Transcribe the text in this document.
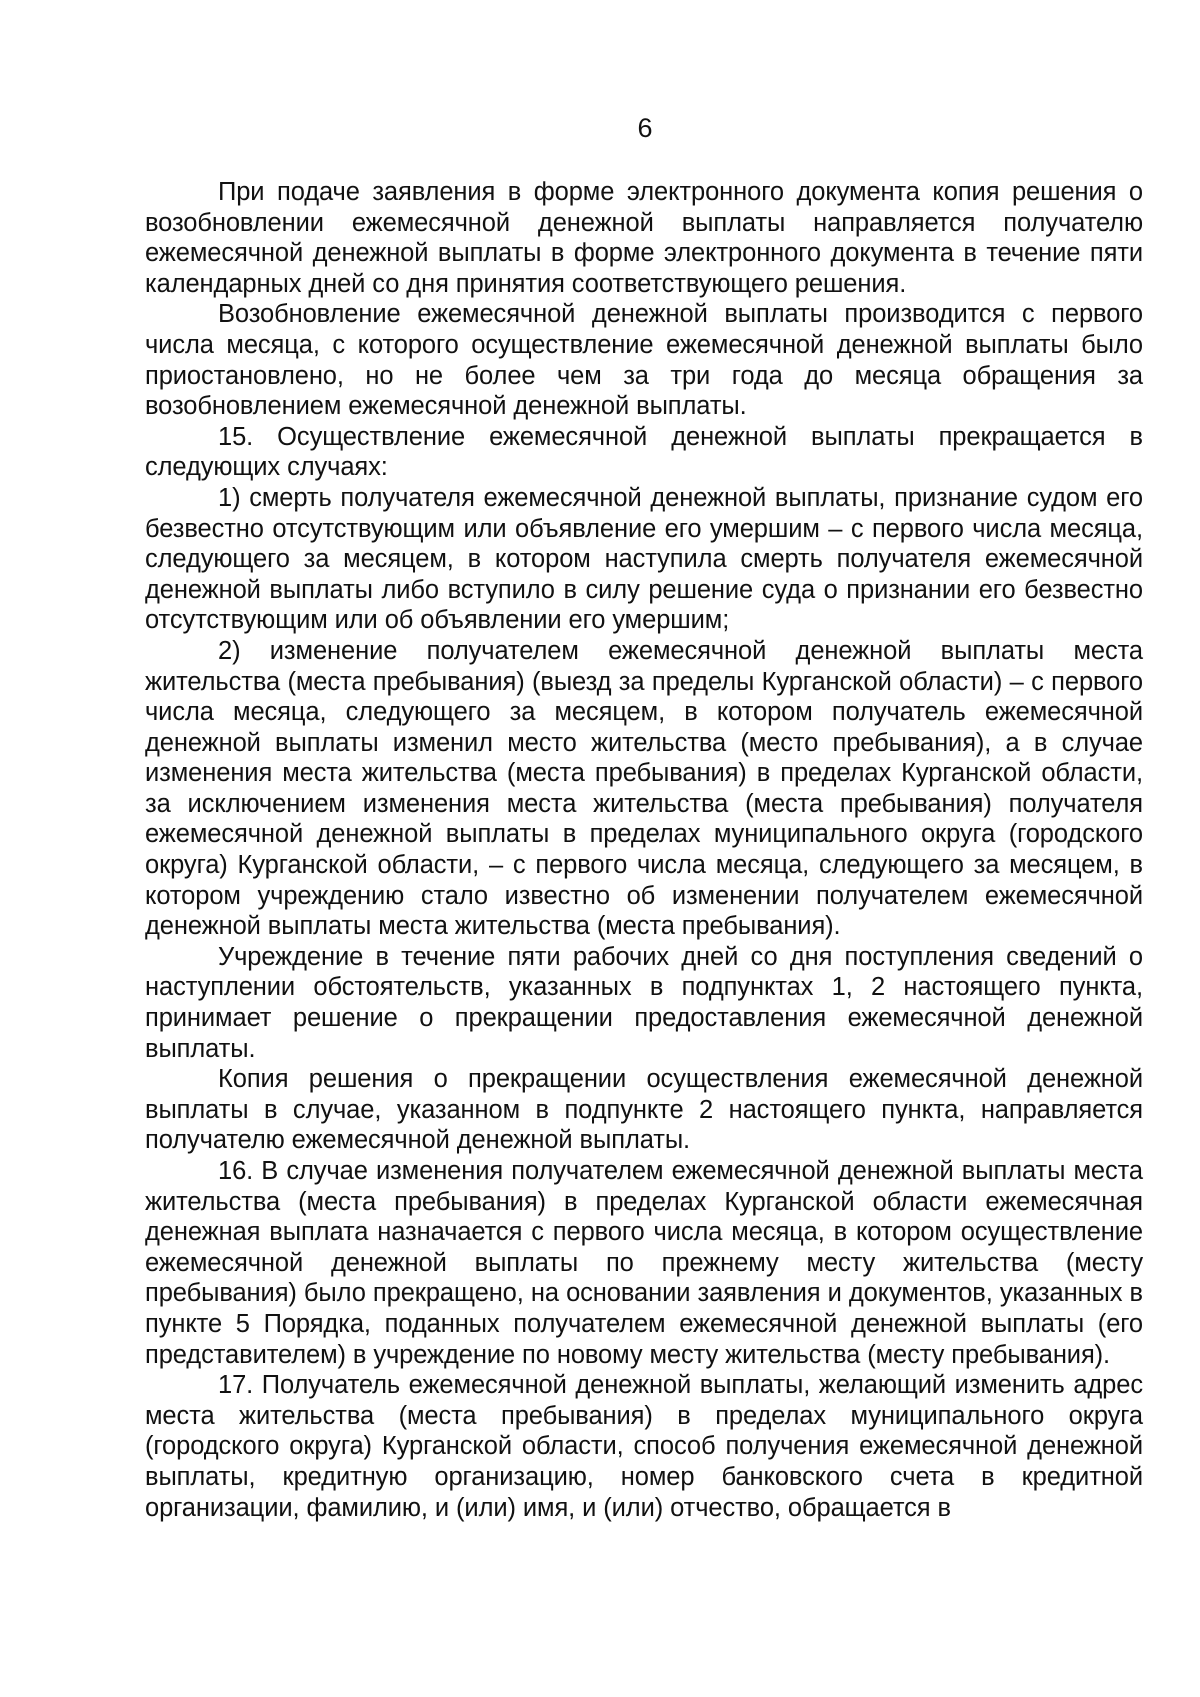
6

При подаче заявления в форме электронного документа копия решения о возобновлении ежемесячной денежной выплаты направляется получателю ежемесячной денежной выплаты в форме электронного документа в течение пяти календарных дней со дня принятия соответствующего решения.

Возобновление ежемесячной денежной выплаты производится с первого числа месяца, с которого осуществление ежемесячной денежной выплаты было приостановлено, но не более чем за три года до месяца обращения за возобновлением ежемесячной денежной выплаты.

15. Осуществление ежемесячной денежной выплаты прекращается в следующих случаях:

1) смерть получателя ежемесячной денежной выплаты, признание судом его безвестно отсутствующим или объявление его умершим – с первого числа месяца, следующего за месяцем, в котором наступила смерть получателя ежемесячной денежной выплаты либо вступило в силу решение суда о признании его безвестно отсутствующим или об объявлении его умершим;

2) изменение получателем ежемесячной денежной выплаты места жительства (места пребывания) (выезд за пределы Курганской области) – с первого числа месяца, следующего за месяцем, в котором получатель ежемесячной денежной выплаты изменил место жительства (место пребывания), а в случае изменения места жительства (места пребывания) в пределах Курганской области, за исключением изменения места жительства (места пребывания) получателя ежемесячной денежной выплаты в пределах муниципального округа (городского округа) Курганской области, – с первого числа месяца, следующего за месяцем, в котором учреждению стало известно об изменении получателем ежемесячной денежной выплаты места жительства (места пребывания).

Учреждение в течение пяти рабочих дней со дня поступления сведений о наступлении обстоятельств, указанных в подпунктах 1, 2 настоящего пункта, принимает решение о прекращении предоставления ежемесячной денежной выплаты.

Копия решения о прекращении осуществления ежемесячной денежной выплаты в случае, указанном в подпункте 2 настоящего пункта, направляется получателю ежемесячной денежной выплаты.

16. В случае изменения получателем ежемесячной денежной выплаты места жительства (места пребывания) в пределах Курганской области ежемесячная денежная выплата назначается с первого числа месяца, в котором осуществление ежемесячной денежной выплаты по прежнему месту жительства (месту пребывания) было прекращено, на основании заявления и документов, указанных в пункте 5 Порядка, поданных получателем ежемесячной денежной выплаты (его представителем) в учреждение по новому месту жительства (месту пребывания).

17. Получатель ежемесячной денежной выплаты, желающий изменить адрес места жительства (места пребывания) в пределах муниципального округа (городского округа) Курганской области, способ получения ежемесячной денежной выплаты, кредитную организацию, номер банковского счета в кредитной организации, фамилию, и (или) имя, и (или) отчество, обращается в
